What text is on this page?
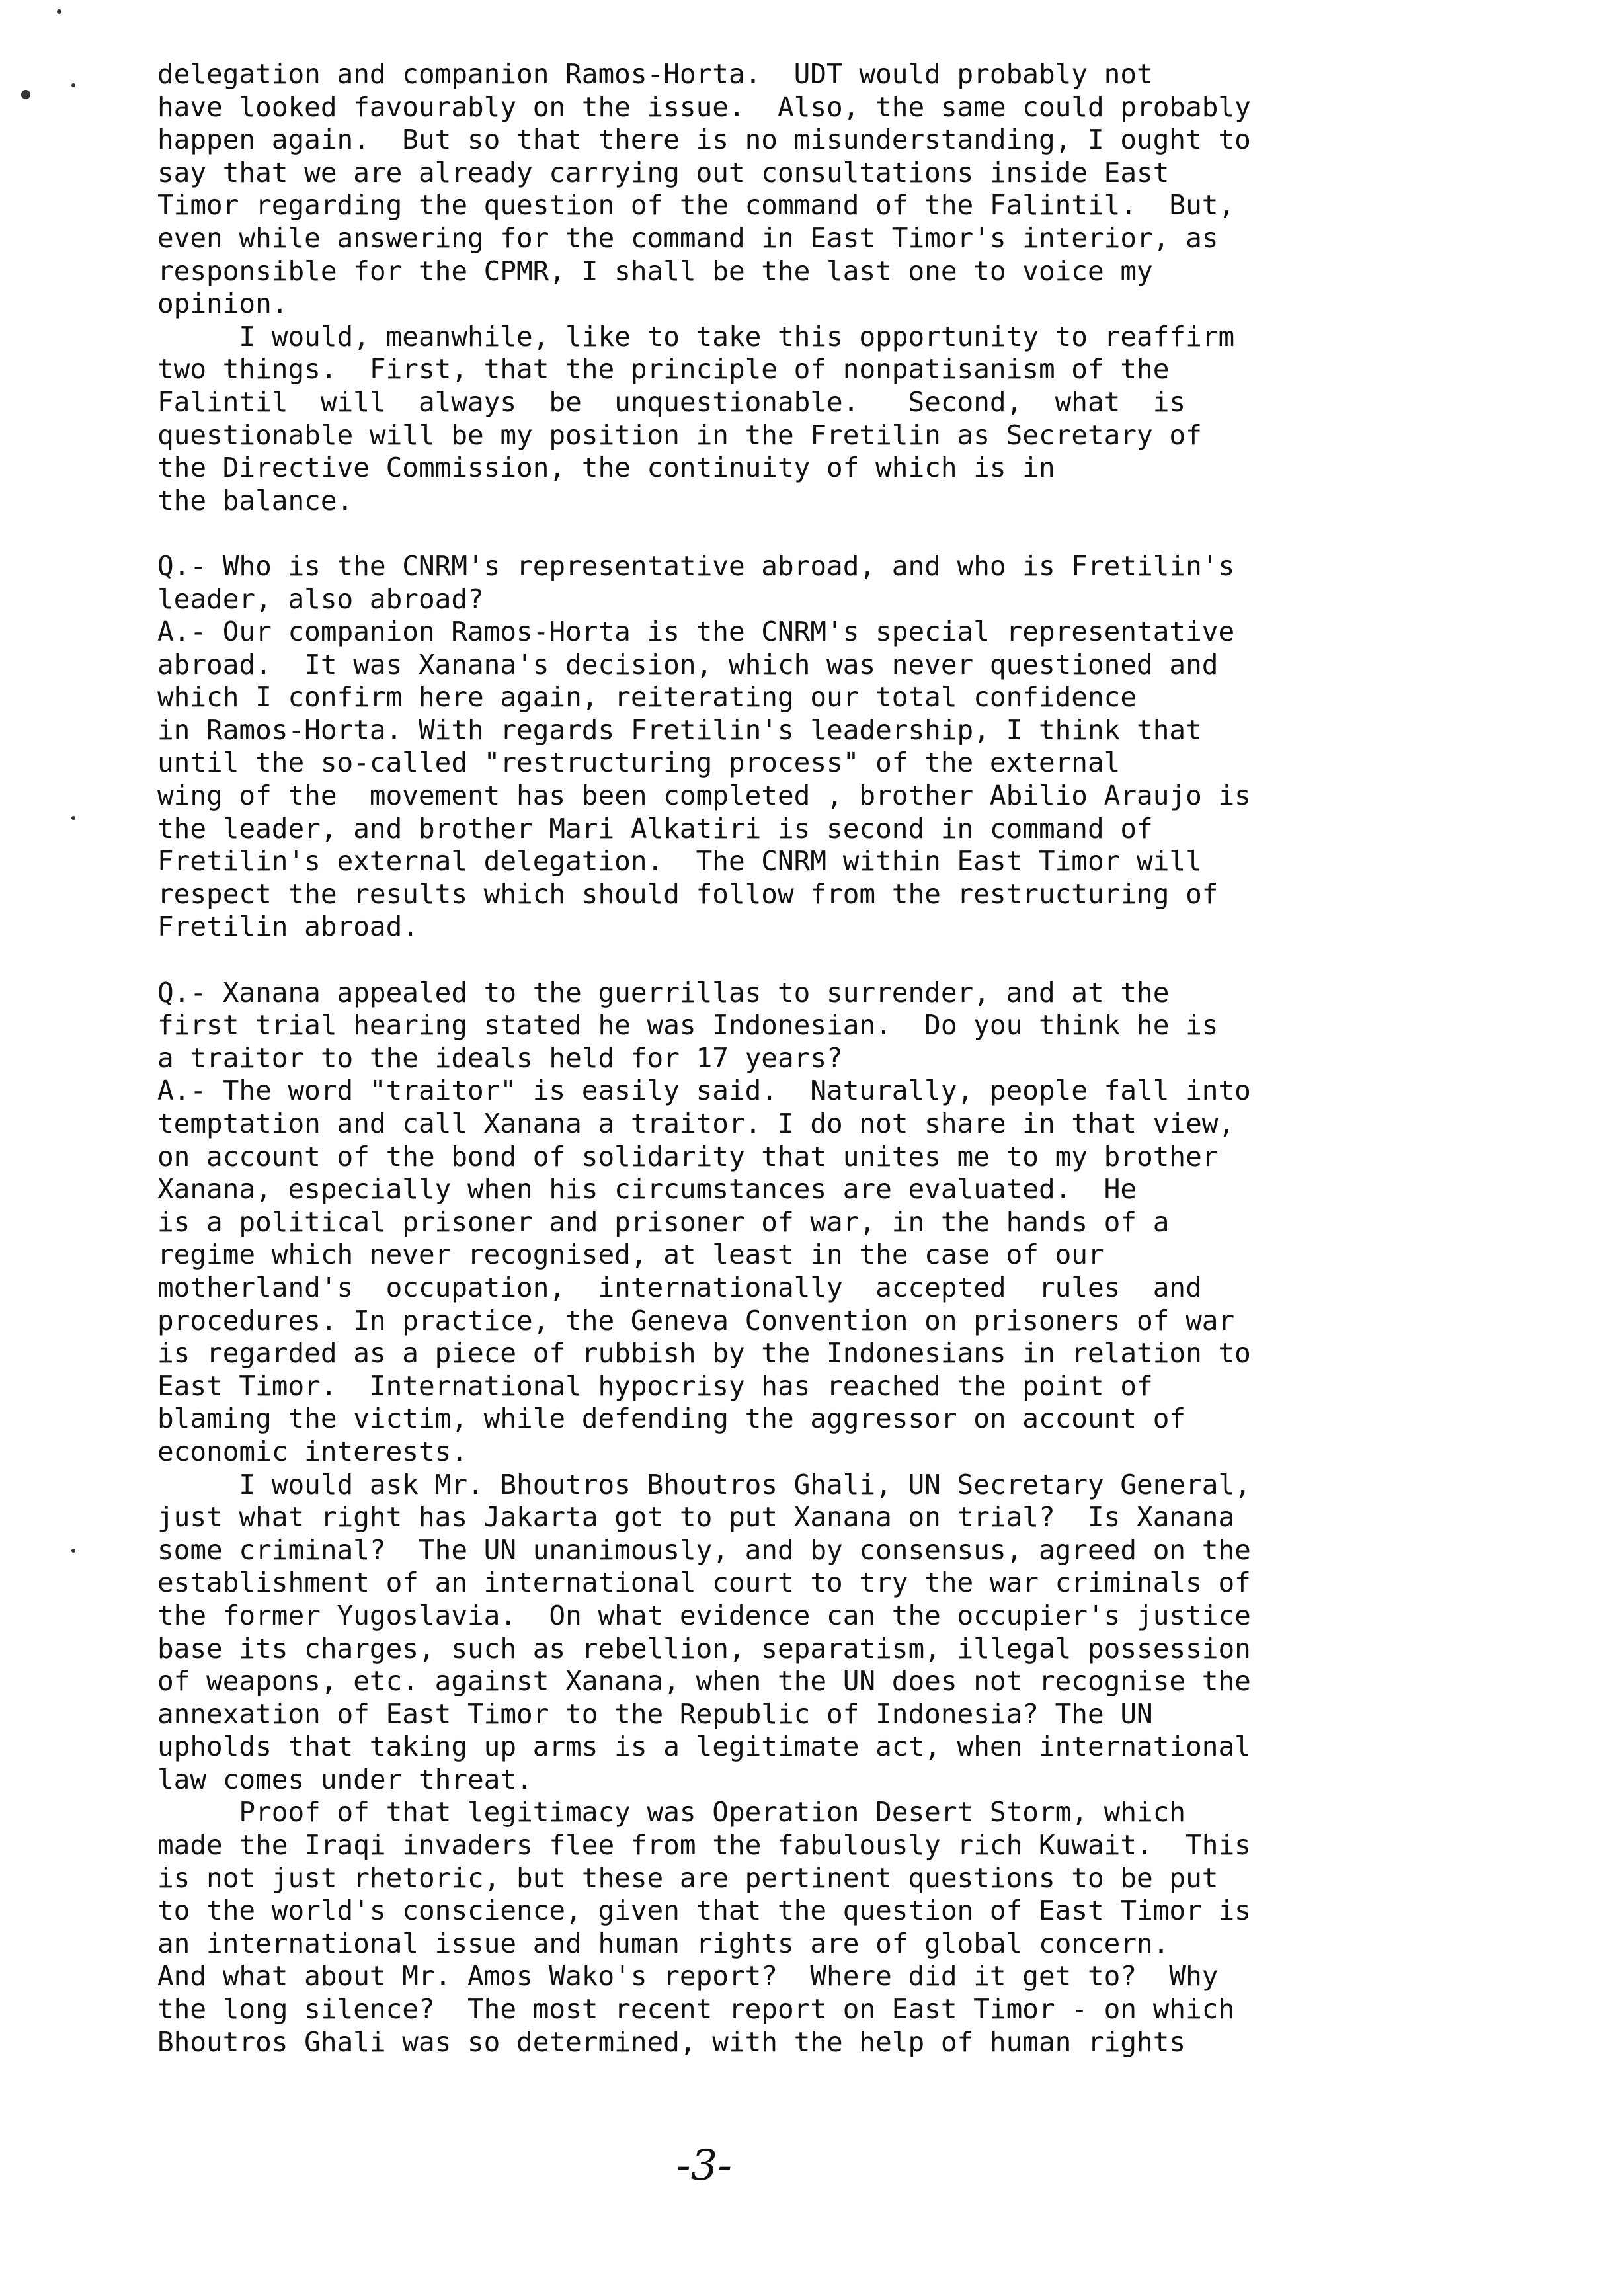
delegation and companion Ramos-Horta.  UDT would probably not
have looked favourably on the issue.  Also, the same could probably
happen again.  But so that there is no misunderstanding, I ought to
say that we are already carrying out consultations inside East
Timor regarding the question of the command of the Falintil.  But,
even while answering for the command in East Timor's interior, as
responsible for the CPMR, I shall be the last one to voice my
opinion.
I would, meanwhile, like to take this opportunity to reaffirm
two things.  First, that the principle of nonpatisanism of the
Falintil  will  always  be  unquestionable.   Second,  what  is
questionable will be my position in the Fretilin as Secretary of
the Directive Commission, the continuity of which is in
the balance.
Q.- Who is the CNRM's representative abroad, and who is Fretilin's
leader, also abroad?
A.- Our companion Ramos-Horta is the CNRM's special representative
abroad.  It was Xanana's decision, which was never questioned and
which I confirm here again, reiterating our total confidence
in Ramos-Horta. With regards Fretilin's leadership, I think that
until the so-called "restructuring process" of the external
wing of the  movement has been completed , brother Abilio Araujo is
the leader, and brother Mari Alkatiri is second in command of
Fretilin's external delegation.  The CNRM within East Timor will
respect the results which should follow from the restructuring of
Fretilin abroad.
Q.- Xanana appealed to the guerrillas to surrender, and at the
first trial hearing stated he was Indonesian.  Do you think he is
a traitor to the ideals held for 17 years?
A.- The word "traitor" is easily said.  Naturally, people fall into
temptation and call Xanana a traitor. I do not share in that view,
on account of the bond of solidarity that unites me to my brother
Xanana, especially when his circumstances are evaluated.  He
is a political prisoner and prisoner of war, in the hands of a
regime which never recognised, at least in the case of our
motherland's  occupation,  internationally  accepted  rules  and
procedures. In practice, the Geneva Convention on prisoners of war
is regarded as a piece of rubbish by the Indonesians in relation to
East Timor.  International hypocrisy has reached the point of
blaming the victim, while defending the aggressor on account of
economic interests.
I would ask Mr. Bhoutros Bhoutros Ghali, UN Secretary General,
just what right has Jakarta got to put Xanana on trial?  Is Xanana
some criminal?  The UN unanimously, and by consensus, agreed on the
establishment of an international court to try the war criminals of
the former Yugoslavia.  On what evidence can the occupier's justice
base its charges, such as rebellion, separatism, illegal possession
of weapons, etc. against Xanana, when the UN does not recognise the
annexation of East Timor to the Republic of Indonesia? The UN
upholds that taking up arms is a legitimate act, when international
law comes under threat.
Proof of that legitimacy was Operation Desert Storm, which
made the Iraqi invaders flee from the fabulously rich Kuwait.  This
is not just rhetoric, but these are pertinent questions to be put
to the world's conscience, given that the question of East Timor is
an international issue and human rights are of global concern.
And what about Mr. Amos Wako's report?  Where did it get to?  Why
the long silence?  The most recent report on East Timor - on which
Bhoutros Ghali was so determined, with the help of human rights
-3-
